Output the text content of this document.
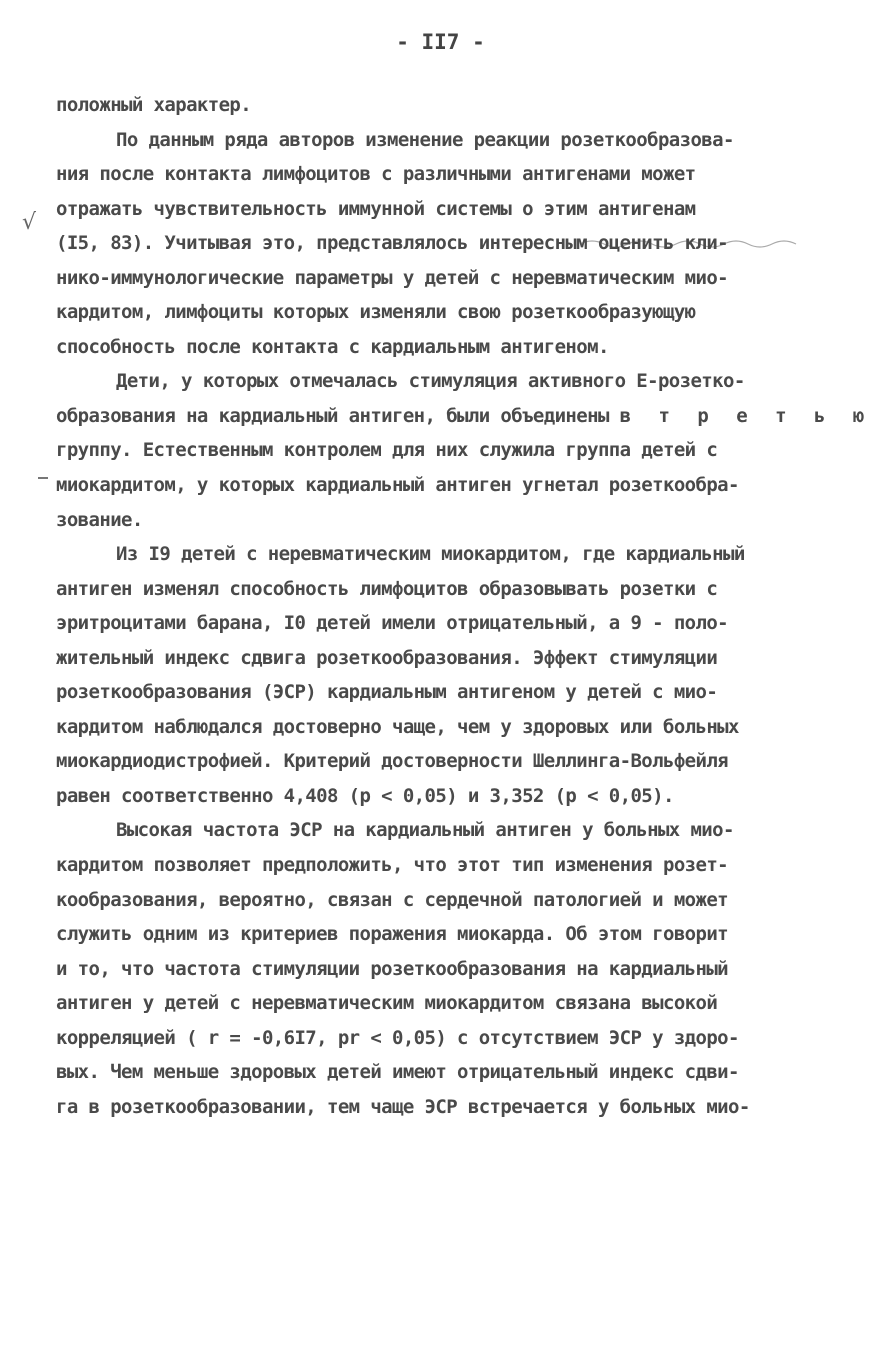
- II7 -
√
положный характер.
По данным ряда авторов изменение реакции розеткообразова-
ния после контакта лимфоцитов с различными антигенами может
отражать чувствительность иммунной системы о этим антигенам
(I5, 83). Учитывая это, представлялось интересным оценить кли-
нико-иммунологические параметры у детей с неревматическим мио-
кардитом, лимфоциты которых изменяли свою розеткообразующую
способность после контакта с кардиальным антигеном.
Дети, у которых отмечалась стимуляция активного Е-розетко-
образования на кардиальный антиген, были объединены в т р е т ь ю
группу. Естественным контролем для них служила группа детей с
миокардитом, у которых кардиальный антиген угнетал розеткообра-
зование.
Из I9 детей с неревматическим миокардитом, где кардиальный
антиген изменял способность лимфоцитов образовывать розетки с
эритроцитами барана, I0 детей имели отрицательный, а 9 - поло-
жительный индекс сдвига розеткообразования. Эффект стимуляции
розеткообразования (ЭСР) кардиальным антигеном у детей с мио-
кардитом наблюдался достоверно чаще, чем у здоровых или больных
миокардиодистрофией. Критерий достоверности Шеллинга-Вольфейля
равен соответственно 4,408 (p < 0,05) и 3,352 (p < 0,05).
Высокая частота ЭСР на кардиальный антиген у больных мио-
кардитом позволяет предположить, что этот тип изменения розет-
кообразования, вероятно, связан с сердечной патологией и может
служить одним из критериев поражения миокарда. Об этом говорит
и то, что частота стимуляции розеткообразования на кардиальный
антиген у детей с неревматическим миокардитом связана высокой
корреляцией ( r = -0,6I7, pr < 0,05) с отсутствием ЭСР у здоро-
вых. Чем меньше здоровых детей имеют отрицательный индекс сдви-
га в розеткообразовании, тем чаще ЭСР встречается у больных мио-
